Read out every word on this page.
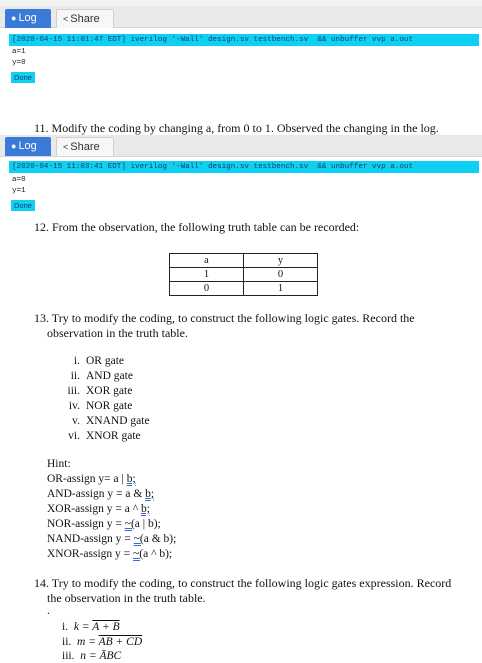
● Log	< Share
[2020-04-15 11:01:47 EDT] iverilog '-Wall' design.sv testbench.sv  && unbuffer vvp a.out
a=1
y=0
Done
11. Modify the coding by changing a, from 0 to 1. Observed the changing in the log.
● Log	< Share
[2020-04-15 11:03:41 EDT] iverilog '-Wall' design.sv testbench.sv  && unbuffer vvp a.out
a=0
y=1
Done
12. From the observation, the following truth table can be recorded:
a	y
1	0
0	1
13. Try to modify the coding, to construct the following logic gates. Record the
observation in the truth table.
i. OR gate
ii. AND gate
iii. XOR gate
iv. NOR gate
v. XNAND gate
vi. XNOR gate
Hint:
OR-assign y= a | b;
AND-assign y = a & b;
XOR-assign y = a ^ b;
NOR-assign y = ~(a | b);
NAND-assign y = ~(a & b);
XNOR-assign y = ~(a ^ b);
14. Try to modify the coding, to construct the following logic gates expression. Record
the observation in the truth table.
.
i. k = A + B
ii. m = AB + CD
iii. n = ĀBC
